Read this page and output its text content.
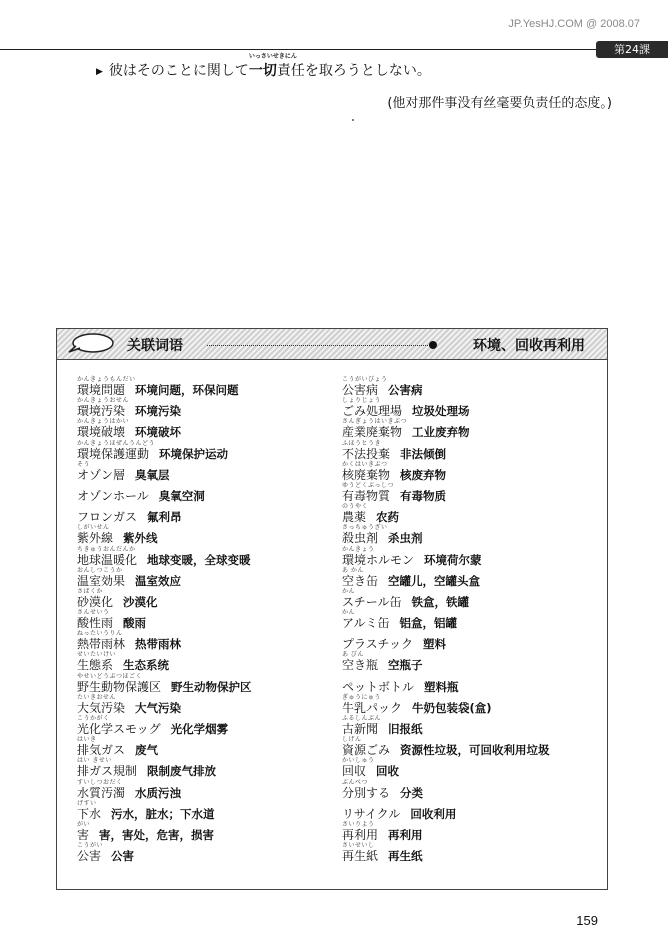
JP.YesHJ.COM @ 2008.07
第24課
▶ 彼はそのことに関して
いっさいせきにん
一切責任を取ろうとしない。
(他对那件事没有丝毫要负责任的态度。)
关联词语	环境、回收再利用
かんきょうもんだい
環境問題 环境问题，环保问题
かんきょうおせん
環境汚染 环境污染
かんきょうはかい
環境破壊 环境破坏
かんきょうほぜんうんどう
環境保護運動 环境保护运动
そう
オゾン層 臭氧层
オゾンホール 臭氧空洞
フロンガス 氟利昂
しがいせん
紫外線 紫外线
ちきゅうおんだんか
地球温暖化 地球变暖，全球变暖
おんしつこうか
温室効果 温室效应
さばくか
砂漠化 沙漠化
さんせいう
酸性雨 酸雨
ねったいうりん
熱帯雨林 热带雨林
せいたいけい
生態系 生态系统
やせいどうぶつほごく
野生動物保護区 野生动物保护区
たいきおせん
大気汚染 大气污染
こうかがく
光化学スモッグ 光化学烟雾
はいき
排気ガス 废气
はい きせい
排ガス規制 限制废气排放
すいしつおだく
水質汚濁 水质污浊
げすい
下水 污水，脏水；下水道
がい
害 害，害处，危害，损害
こうがい
公害 公害
こうがいびょう
公害病 公害病
しょりじょう
ごみ処理場 垃圾处理场
さんぎょうはいきぶつ
産業廃棄物 工业废弃物
ふほうとうき
不法投棄 非法倾倒
かくはいきぶつ
核廃棄物 核废弃物
ゆうどくぶっしつ
有毒物質 有毒物质
のうやく
農薬 农药
さっちゅうざい
殺虫剤 杀虫剂
かんきょう
環境ホルモン 环境荷尔蒙
あ かん
空き缶 空罐儿，空罐头盒
かん
スチール缶 铁盒，铁罐
かん
アルミ缶 铝盒，铝罐
プラスチック 塑料
あ びん
空き瓶 空瓶子
ペットボトル 塑料瓶
ぎゅうにゅう
牛乳パック 牛奶包装袋(盒)
ふるしんぶん
古新聞 旧报纸
しげん
資源ごみ 资源性垃圾，可回收利用垃圾
かいしゅう
回収 回收
ぶんべつ
分別する 分类
リサイクル 回收利用
さいりよう
再利用 再利用
さいせいし
再生紙 再生纸
159
